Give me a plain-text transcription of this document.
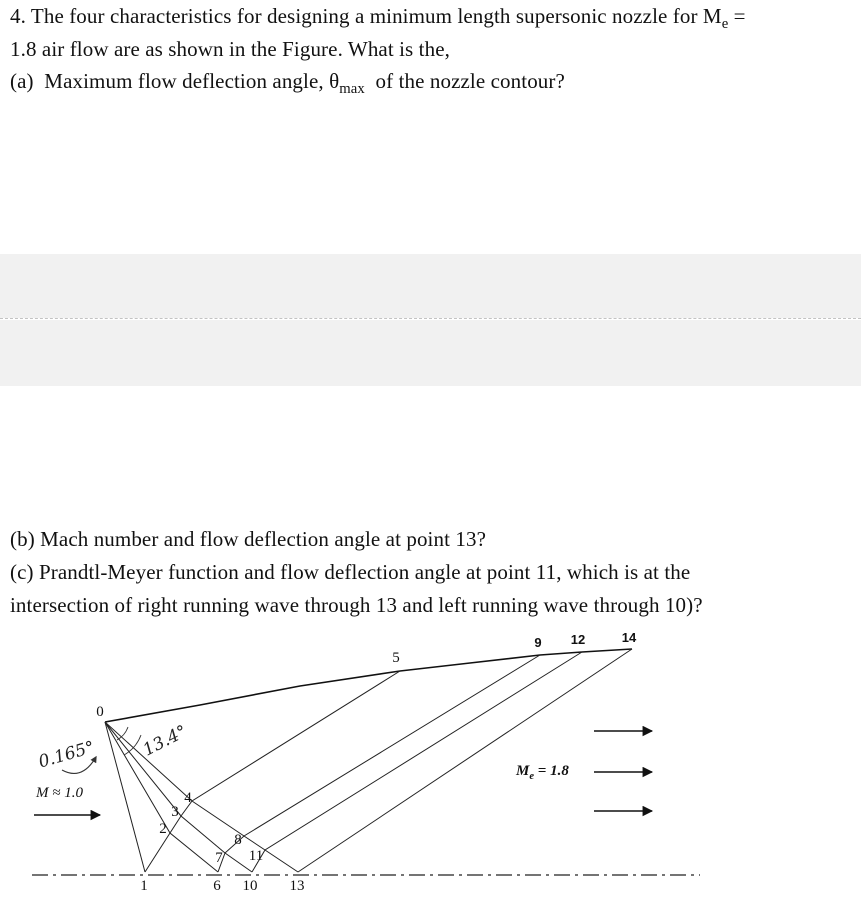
4. The four characteristics for designing a minimum length supersonic nozzle for $M_e$ =
1.8 air flow are as shown in the Figure. What is the,
(a)  Maximum flow deflection angle, $\theta_{max}$  of the nozzle contour?
(b) Mach number and flow deflection angle at point 13?
(c) Prandtl-Meyer function and flow deflection angle at point 11, which is at the
intersection of right running wave through 13 and left running wave through 10)?
0
5
9 12	14
1	6 10 13
2
3
4
7
8
11
M ≈ 1.0
$M_e = 1.8$
0.165°	13.4°
